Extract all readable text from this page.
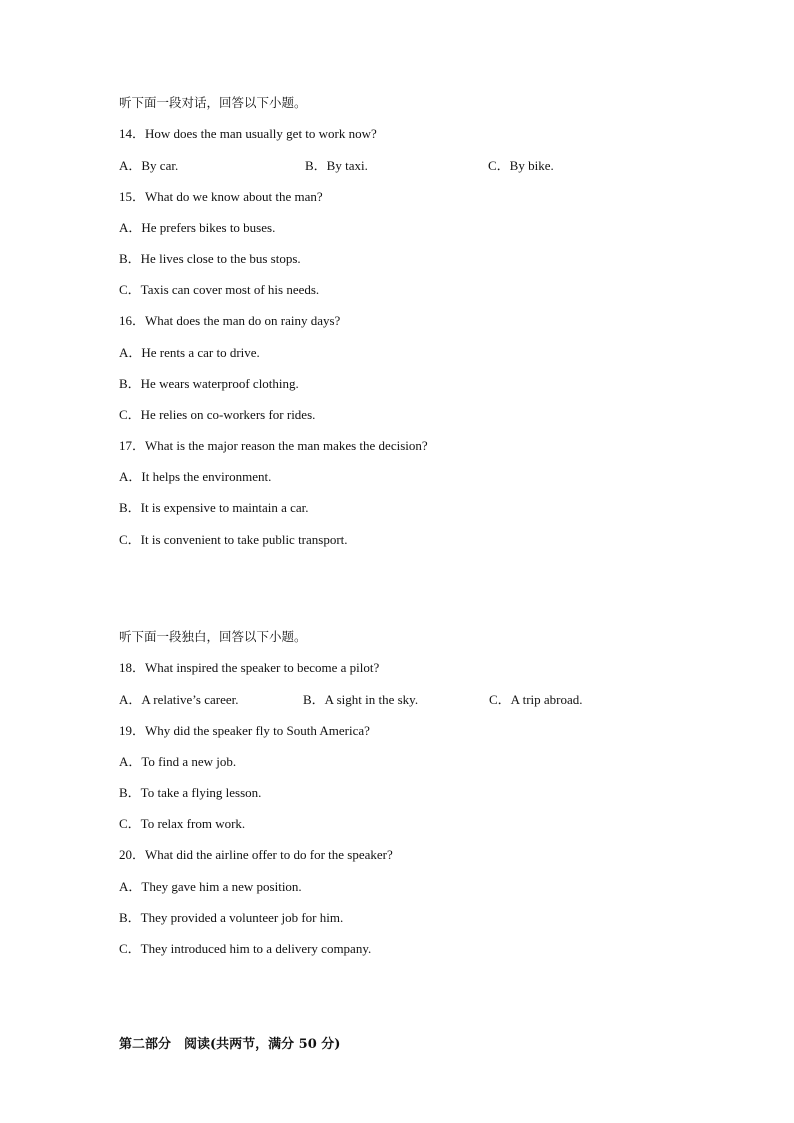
听下面一段对话，回答以下小题。
14．How does the man usually get to work now?
A．By car.	B．By taxi.	C．By bike.
15．What do we know about the man?
A．He prefers bikes to buses.
B．He lives close to the bus stops.
C．Taxis can cover most of his needs.
16．What does the man do on rainy days?
A．He rents a car to drive.
B．He wears waterproof clothing.
C．He relies on co-workers for rides.
17．What is the major reason the man makes the decision?
A．It helps the environment.
B．It is expensive to maintain a car.
C．It is convenient to take public transport.
听下面一段独白，回答以下小题。
18．What inspired the speaker to become a pilot?
A．A relative’s career.	B．A sight in the sky.	C．A trip abroad.
19．Why did the speaker fly to South America?
A．To find a new job.
B．To take a flying lesson.
C．To relax from work.
20．What did the airline offer to do for the speaker?
A．They gave him a new position.
B．They provided a volunteer job for him.
C．They introduced him to a delivery company.
第二部分　阅读(共两节，满分 50 分)
